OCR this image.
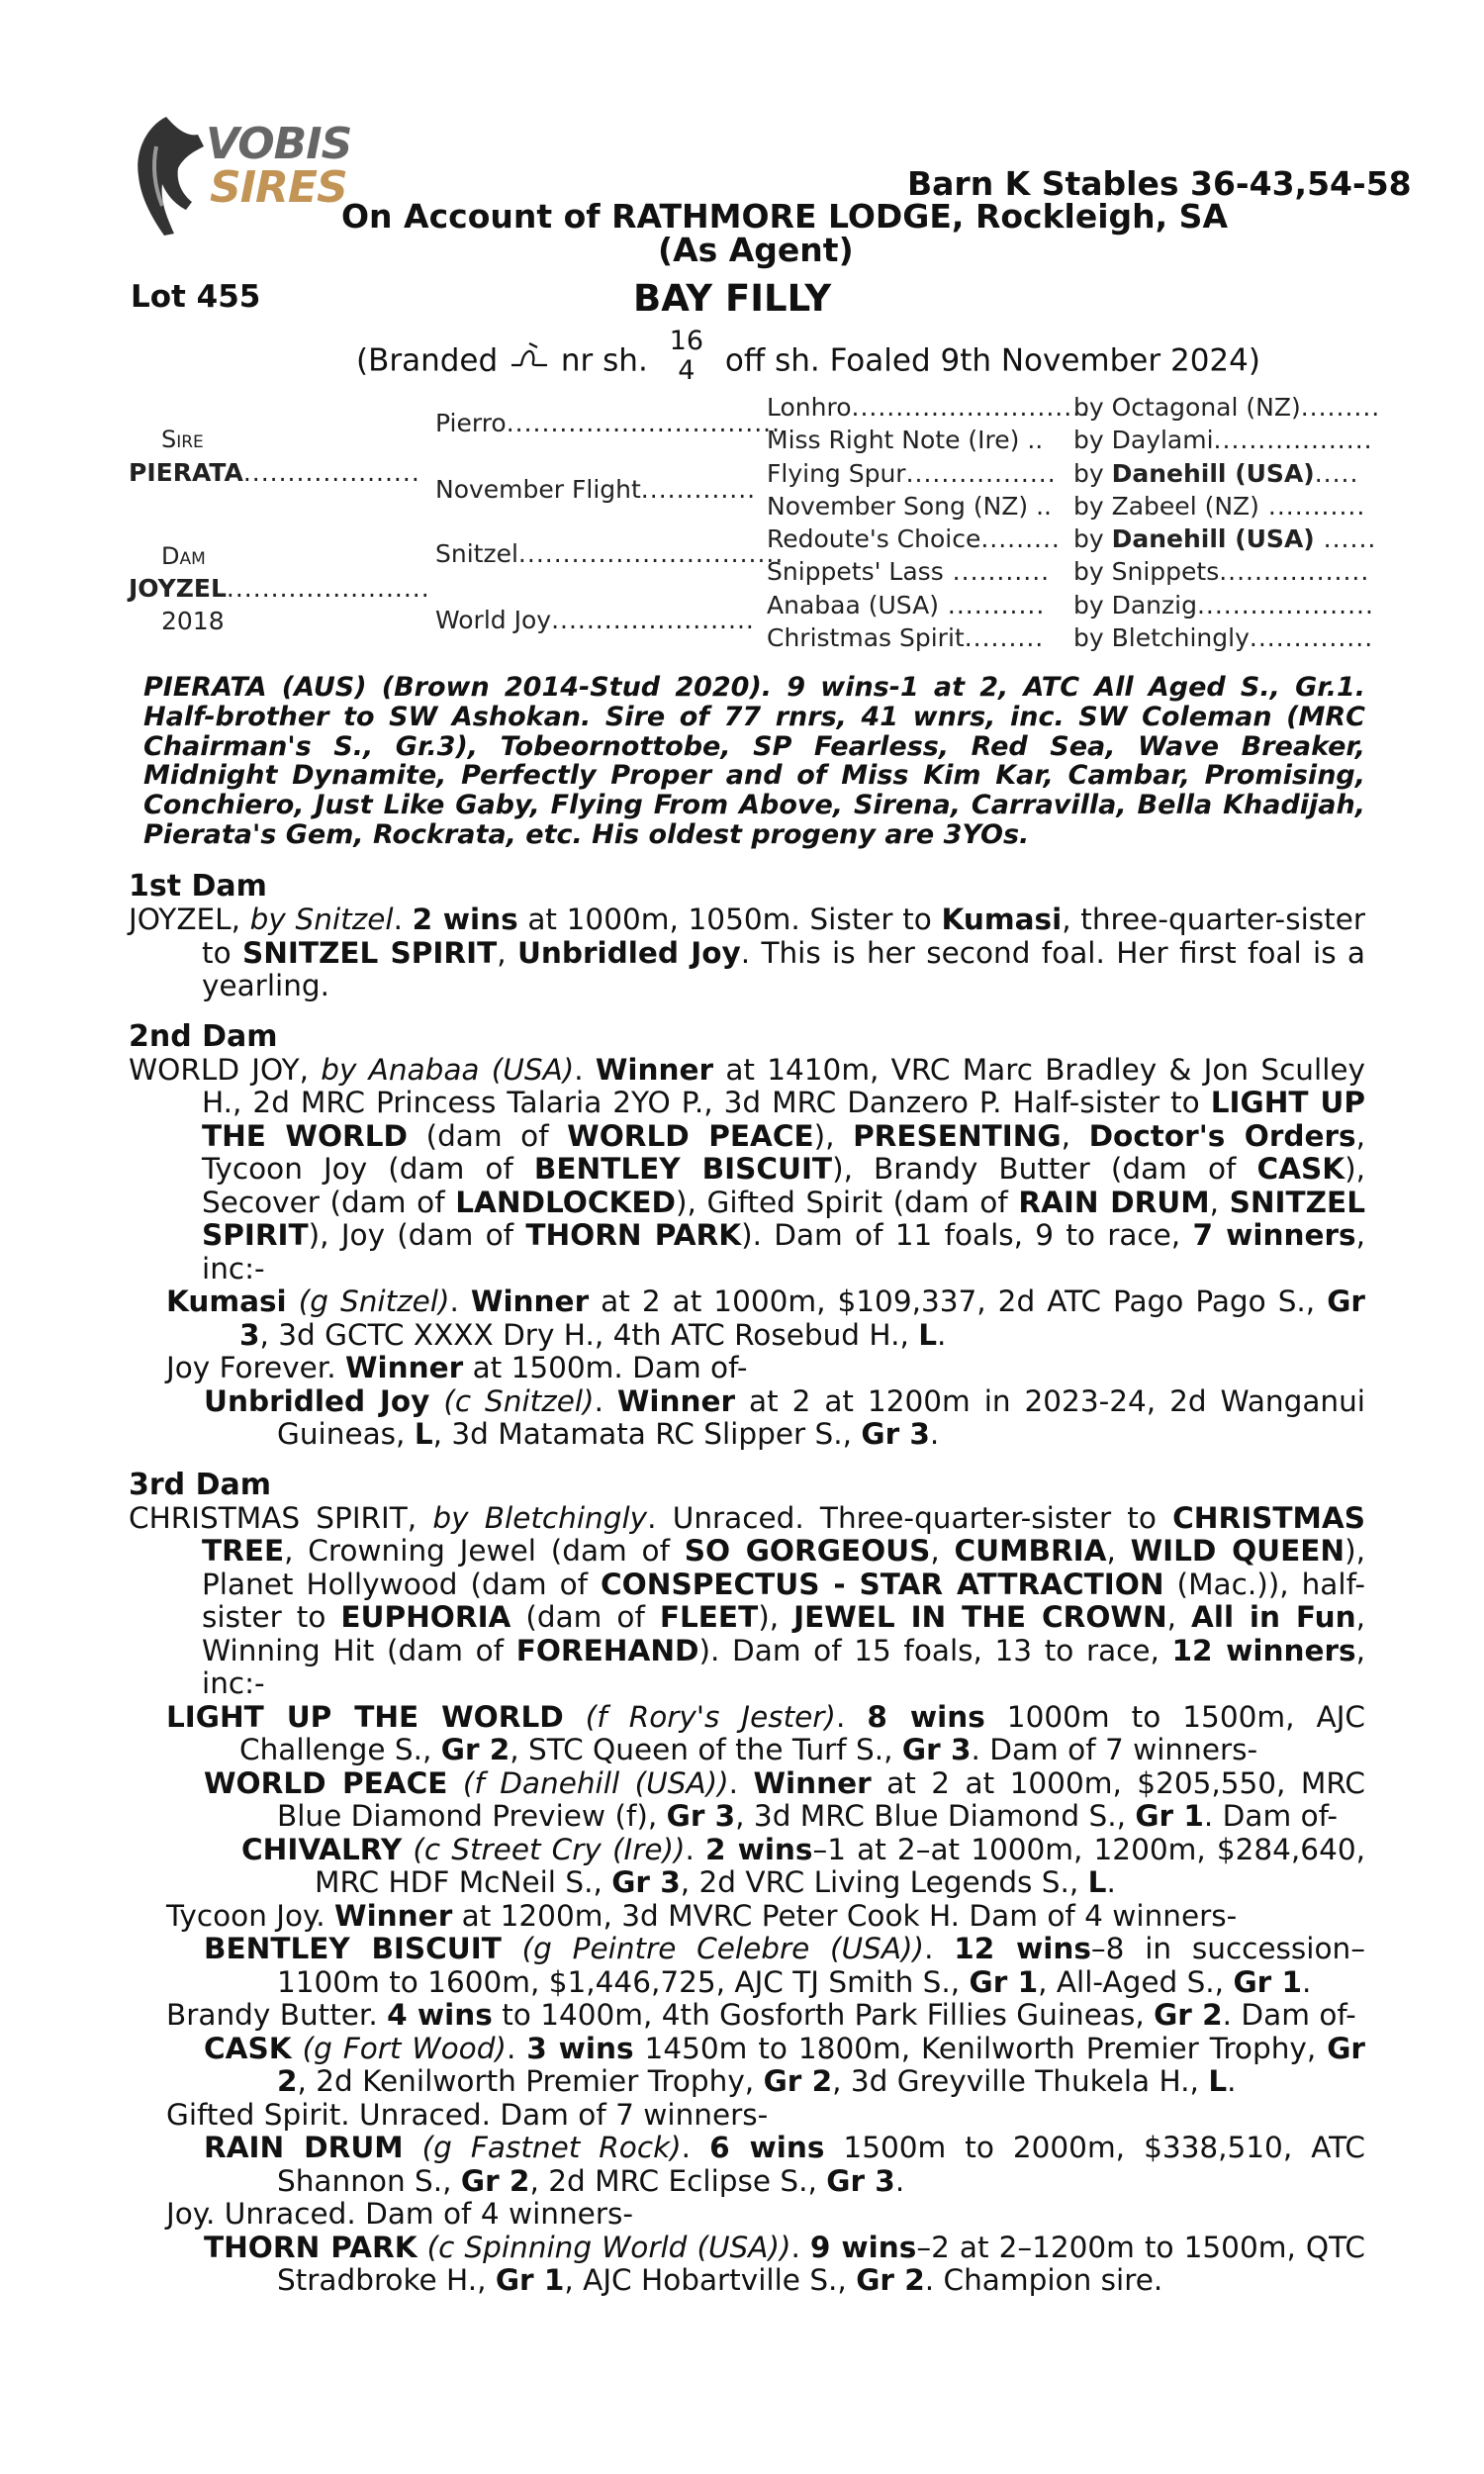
VOBIS
SIRES	Barn K Stables 36-43,54-58
On Account of RATHMORE LODGE, Rockleigh, SA
(As Agent)
Lot 455	BAY FILLY
(Branded nr sh.
16
4 off sh. Foaled 9th November 2024)
Sire
PIERATA....................
Dam
JOYZEL.......................
2018
Pierro...............................
November Flight.............
Snitzel..............................
World Joy.......................
Lonhro...........................
Miss Right Note (Ire) ..
Flying Spur.................
November Song (NZ) ..
Redoute's Choice.........
Snippets' Lass ...........
Anabaa (USA) ...........
Christmas Spirit.........
by Octagonal (NZ).........
by Daylami..................
by Danehill (USA).....
by Zabeel (NZ) ...........
by Danehill (USA) ......
by Snippets.................
by Danzig....................
by Bletchingly..............
PIERATA (AUS) (Brown 2014-Stud 2020). 9 wins-1 at 2, ATC All Aged S., Gr.1. Half-brother to SW Ashokan. Sire of 77 rnrs, 41 wnrs, inc. SW Coleman (MRC Chairman's S., Gr.3), Tobeornottobe, SP Fearless, Red Sea, Wave Breaker, Midnight Dynamite, Perfectly Proper and of Miss Kim Kar, Cambar, Promising, Conchiero, Just Like Gaby, Flying From Above, Sirena, Carravilla, Bella Khadijah, Pierata's Gem, Rockrata, etc. His oldest progeny are 3YOs.
1st Dam
JOYZEL, by Snitzel. 2 wins at 1000m, 1050m. Sister to Kumasi, three-quarter-sister to SNITZEL SPIRIT, Unbridled Joy. This is her second foal. Her first foal is a yearling.
2nd Dam
WORLD JOY, by Anabaa (USA). Winner at 1410m, VRC Marc Bradley & Jon Sculley H., 2d MRC Princess Talaria 2YO P., 3d MRC Danzero P. Half-sister to LIGHT UP THE WORLD (dam of WORLD PEACE), PRESENTING, Doctor's Orders, Tycoon Joy (dam of BENTLEY BISCUIT), Brandy Butter (dam of CASK), Secover (dam of LANDLOCKED), Gifted Spirit (dam of RAIN DRUM, SNITZEL SPIRIT), Joy (dam of THORN PARK). Dam of 11 foals, 9 to race, 7 winners, inc:-
Kumasi (g Snitzel). Winner at 2 at 1000m, $109,337, 2d ATC Pago Pago S., Gr 3, 3d GCTC XXXX Dry H., 4th ATC Rosebud H., L.
Joy Forever. Winner at 1500m. Dam of-
Unbridled Joy (c Snitzel). Winner at 2 at 1200m in 2023-24, 2d Wanganui Guineas, L, 3d Matamata RC Slipper S., Gr 3.
3rd Dam
CHRISTMAS SPIRIT, by Bletchingly. Unraced. Three-quarter-sister to CHRISTMAS TREE, Crowning Jewel (dam of SO GORGEOUS, CUMBRIA, WILD QUEEN), Planet Hollywood (dam of CONSPECTUS - STAR ATTRACTION (Mac.)), half-sister to EUPHORIA (dam of FLEET), JEWEL IN THE CROWN, All in Fun, Winning Hit (dam of FOREHAND). Dam of 15 foals, 13 to race, 12 winners, inc:-
LIGHT UP THE WORLD (f Rory's Jester). 8 wins 1000m to 1500m, AJC Challenge S., Gr 2, STC Queen of the Turf S., Gr 3. Dam of 7 winners-
WORLD PEACE (f Danehill (USA)). Winner at 2 at 1000m, $205,550, MRC Blue Diamond Preview (f), Gr 3, 3d MRC Blue Diamond S., Gr 1. Dam of-
CHIVALRY (c Street Cry (Ire)). 2 wins–1 at 2–at 1000m, 1200m, $284,640, MRC HDF McNeil S., Gr 3, 2d VRC Living Legends S., L.
Tycoon Joy. Winner at 1200m, 3d MVRC Peter Cook H. Dam of 4 winners-
BENTLEY BISCUIT (g Peintre Celebre (USA)). 12 wins–8 in succession–1100m to 1600m, $1,446,725, AJC TJ Smith S., Gr 1, All-Aged S., Gr 1.
Brandy Butter. 4 wins to 1400m, 4th Gosforth Park Fillies Guineas, Gr 2. Dam of-
CASK (g Fort Wood). 3 wins 1450m to 1800m, Kenilworth Premier Trophy, Gr 2, 2d Kenilworth Premier Trophy, Gr 2, 3d Greyville Thukela H., L.
Gifted Spirit. Unraced. Dam of 7 winners-
RAIN DRUM (g Fastnet Rock). 6 wins 1500m to 2000m, $338,510, ATC Shannon S., Gr 2, 2d MRC Eclipse S., Gr 3.
Joy. Unraced. Dam of 4 winners-
THORN PARK (c Spinning World (USA)). 9 wins–2 at 2–1200m to 1500m, QTC Stradbroke H., Gr 1, AJC Hobartville S., Gr 2. Champion sire.
